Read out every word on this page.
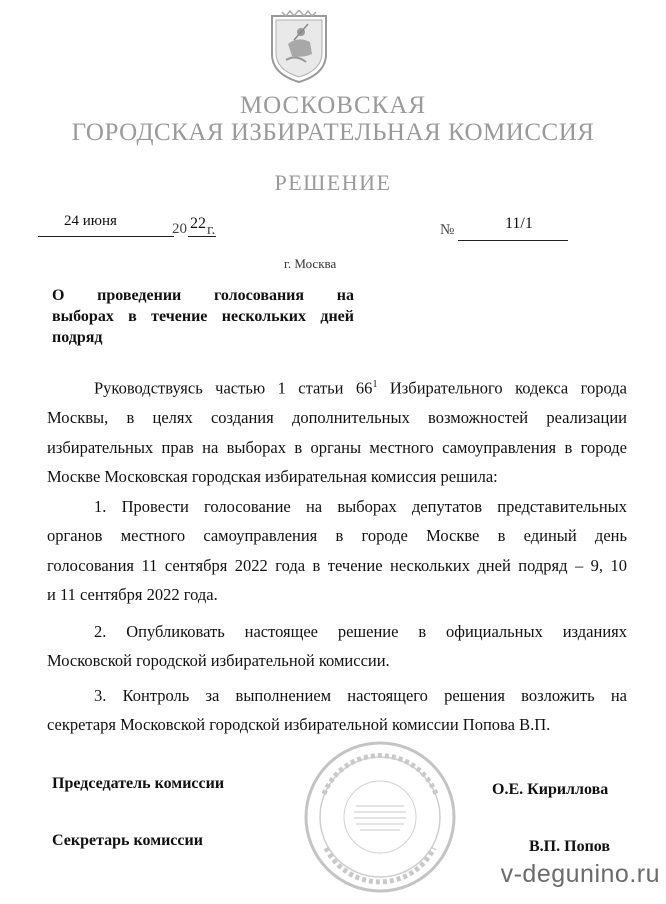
МОСКОВСКАЯ
ГОРОДСКАЯ ИЗБИРАТЕЛЬНАЯ КОМИССИЯ
РЕШЕНИЕ
24 июня	20 22 г.	№	11/1
г. Москва
О проведении голосования на
выборах в течение нескольких дней
подряд
Руководствуясь частью 1 статьи $66^1$ Избирательного кодекса города
Москвы, в целях создания дополнительных возможностей реализации
избирательных прав на выборах в органы местного самоуправления в городе
Москве Московская городская избирательная комиссия решила:
1. Провести голосование на выборах депутатов представительных
органов местного самоуправления в городе Москве в единый день
голосования 11 сентября 2022 года в течение нескольких дней подряд – 9, 10
и 11 сентября 2022 года.
2. Опубликовать настоящее решение в официальных изданиях
Московской городской избирательной комиссии.
3. Контроль за выполнением настоящего решения возложить на
секретаря Московской городской избирательной комиссии Попова В.П.
Председатель комиссии	О.Е. Кириллова
Секретарь комиссии	В.П. Попов
v-degunino.ru
